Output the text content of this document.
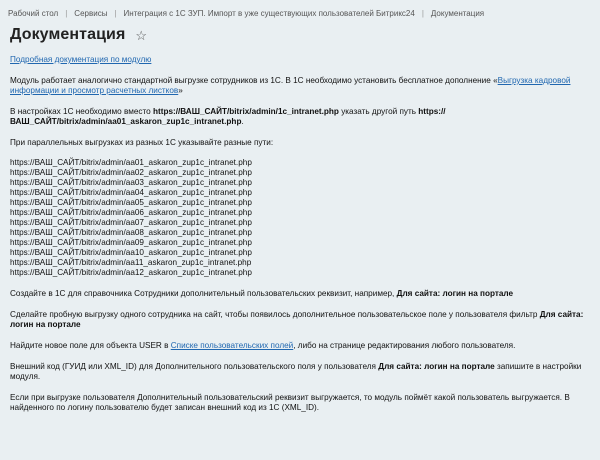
Рабочий стол | Сервисы | Интеграция с 1С ЗУП. Импорт в уже существующих пользователей Битрикс24 | Документация
Документация ☆

Подробная документация по модулю

Модуль работает аналогично стандартной выгрузке сотрудников из 1С. В 1С необходимо установить бесплатное дополнение «Выгрузка кадровой информации и просмотр расчетных листков»

В настройках 1С необходимо вместо https://ВАШ_САЙТ/bitrix/admin/1c_intranet.php указать другой путь https://ВАШ_САЙТ/bitrix/admin/aa01_askaron_zup1c_intranet.php.

При параллельных выгрузках из разных 1С указывайте разные пути:

https://ВАШ_САЙТ/bitrix/admin/aa01_askaron_zup1c_intranet.php
https://ВАШ_САЙТ/bitrix/admin/aa02_askaron_zup1c_intranet.php
https://ВАШ_САЙТ/bitrix/admin/aa03_askaron_zup1c_intranet.php
https://ВАШ_САЙТ/bitrix/admin/aa04_askaron_zup1c_intranet.php
https://ВАШ_САЙТ/bitrix/admin/aa05_askaron_zup1c_intranet.php
https://ВАШ_САЙТ/bitrix/admin/aa06_askaron_zup1c_intranet.php
https://ВАШ_САЙТ/bitrix/admin/aa07_askaron_zup1c_intranet.php
https://ВАШ_САЙТ/bitrix/admin/aa08_askaron_zup1c_intranet.php
https://ВАШ_САЙТ/bitrix/admin/aa09_askaron_zup1c_intranet.php
https://ВАШ_САЙТ/bitrix/admin/aa10_askaron_zup1c_intranet.php
https://ВАШ_САЙТ/bitrix/admin/aa11_askaron_zup1c_intranet.php
https://ВАШ_САЙТ/bitrix/admin/aa12_askaron_zup1c_intranet.php

Создайте в 1С для справочника Сотрудники дополнительный пользовательских реквизит, например, Для сайта: логин на портале

Сделайте пробную выгрузку одного сотрудника на сайт, чтобы появилось дополнительное пользовательское поле у пользователя фильтр Для сайта: логин на портале

Найдите новое поле для объекта USER в Списке пользовательских полей, либо на странице редактирования любого пользователя.

Внешний код (ГУИД или XML_ID) для Дополнительного пользовательского поля у пользователя Для сайта: логин на портале запишите в настройки модуля.

Если при выгрузке пользователя Дополнительный пользовательский реквизит выгружается, то модуль поймёт какой пользователь выгружается. В найденного по логину пользователю будет записан внешний код из 1С (XML_ID).
